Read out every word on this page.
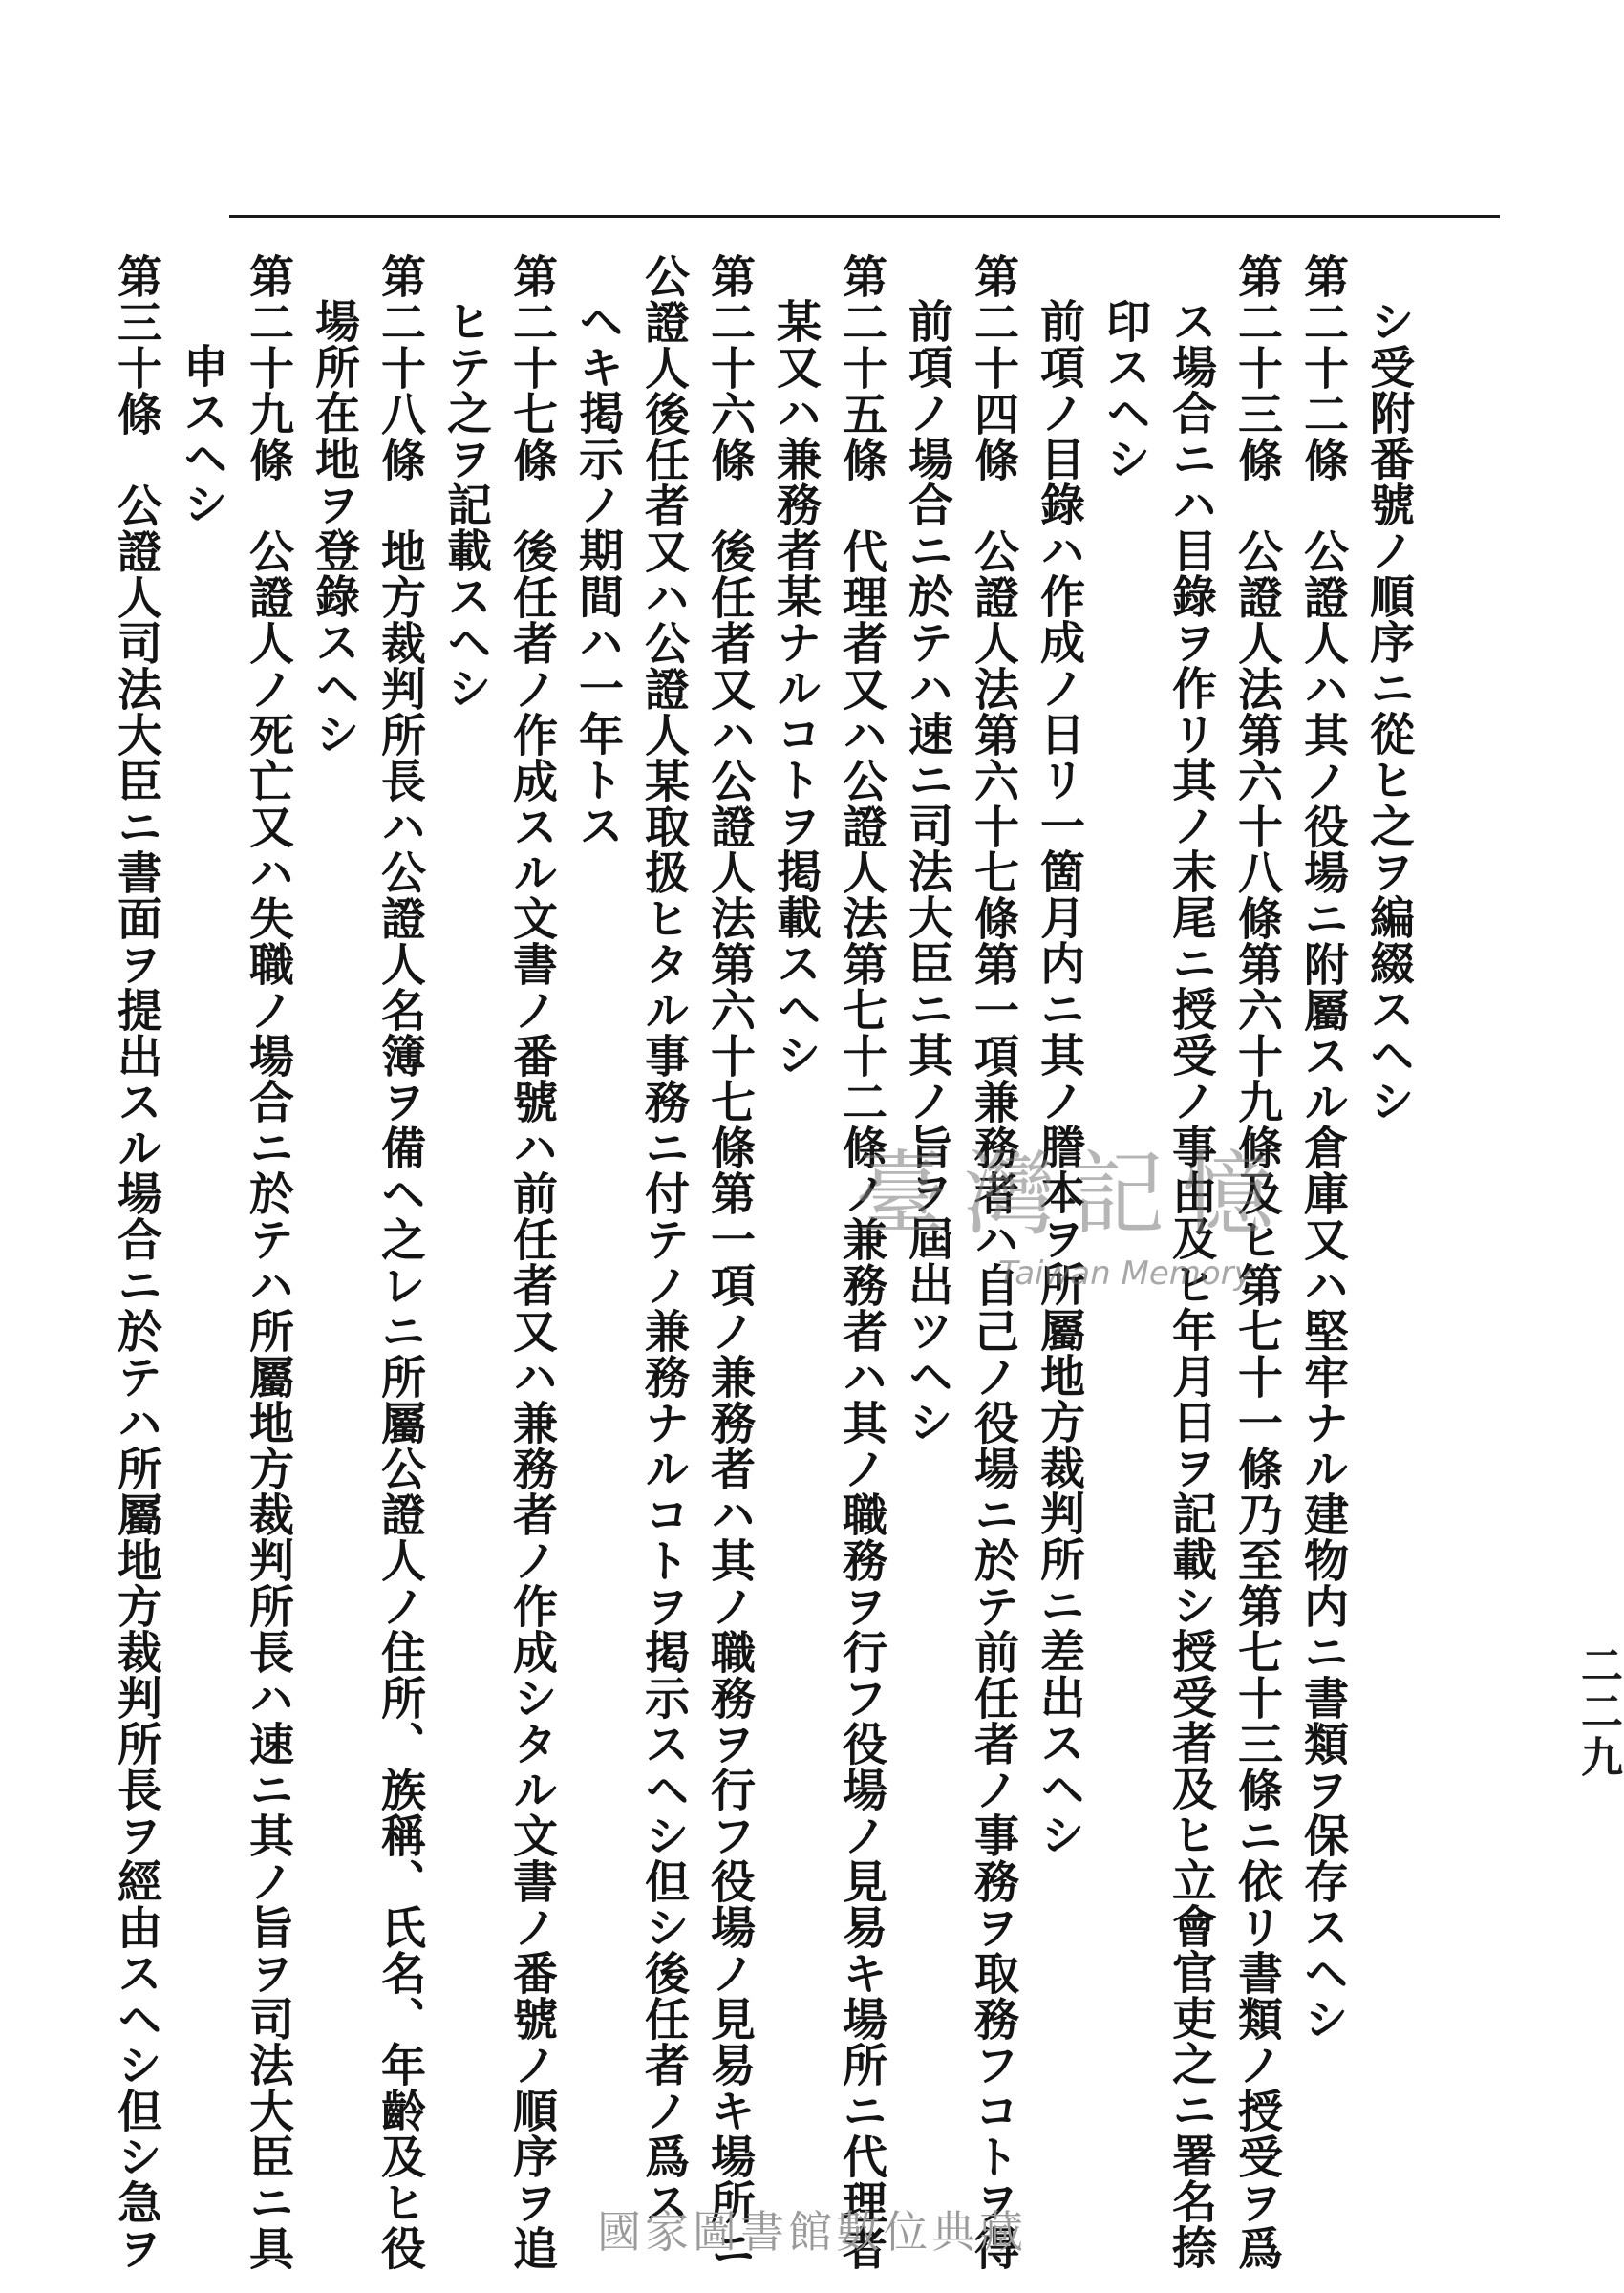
シ受附番號ノ順序ニ從ヒ之ヲ編綴スヘシ
第二十二條　公證人ハ其ノ役場ニ附屬スル倉庫又ハ堅牢ナル建物内ニ書類ヲ保存スヘシ
第二十三條　公證人法第六十八條第六十九條及ヒ第七十一條乃至第七十三條ニ依リ書類ノ授受ヲ爲
ス場合ニハ目錄ヲ作リ其ノ末尾ニ授受ノ事由及ヒ年月日ヲ記載シ授受者及ヒ立會官吏之ニ署名捺
印スヘシ
前項ノ目錄ハ作成ノ日リ一箇月内ニ其ノ謄本ヲ所屬地方裁判所ニ差出スヘシ
第二十四條　公證人法第六十七條第一項兼務者ハ自己ノ役場ニ於テ前任者ノ事務ヲ取務フコトヲ得
前項ノ場合ニ於テハ速ニ司法大臣ニ其ノ旨ヲ屆出ツヘシ
第二十五條　代理者又ハ公證人法第七十二條ノ兼務者ハ其ノ職務ヲ行フ役場ノ見易キ場所ニ代理者
某又ハ兼務者某ナルコトヲ掲載スヘシ
第二十六條　後任者又ハ公證人法第六十七條第一項ノ兼務者ハ其ノ職務ヲ行フ役場ノ見易キ場所ニ
公證人後任者又ハ公證人某取扱ヒタル事務ニ付テノ兼務ナルコトヲ掲示スヘシ但シ後任者ノ爲ス
ヘキ掲示ノ期間ハ一年トス
第二十七條　後任者ノ作成スル文書ノ番號ハ前任者又ハ兼務者ノ作成シタル文書ノ番號ノ順序ヲ追
ヒテ之ヲ記載スヘシ
第二十八條　地方裁判所長ハ公證人名簿ヲ備ヘ之レニ所屬公證人ノ住所、族稱、氏名、年齡及ヒ役
場所在地ヲ登錄スヘシ
第二十九條　公證人ノ死亡又ハ失職ノ場合ニ於テハ所屬地方裁判所長ハ速ニ其ノ旨ヲ司法大臣ニ具
申スヘシ
第三十條　公證人司法大臣ニ書面ヲ提出スル場合ニ於テハ所屬地方裁判所長ヲ經由スヘシ但シ急ヲ	二二九
臺灣記憶
Taiwan Memory
國家圖書館數位典藏
